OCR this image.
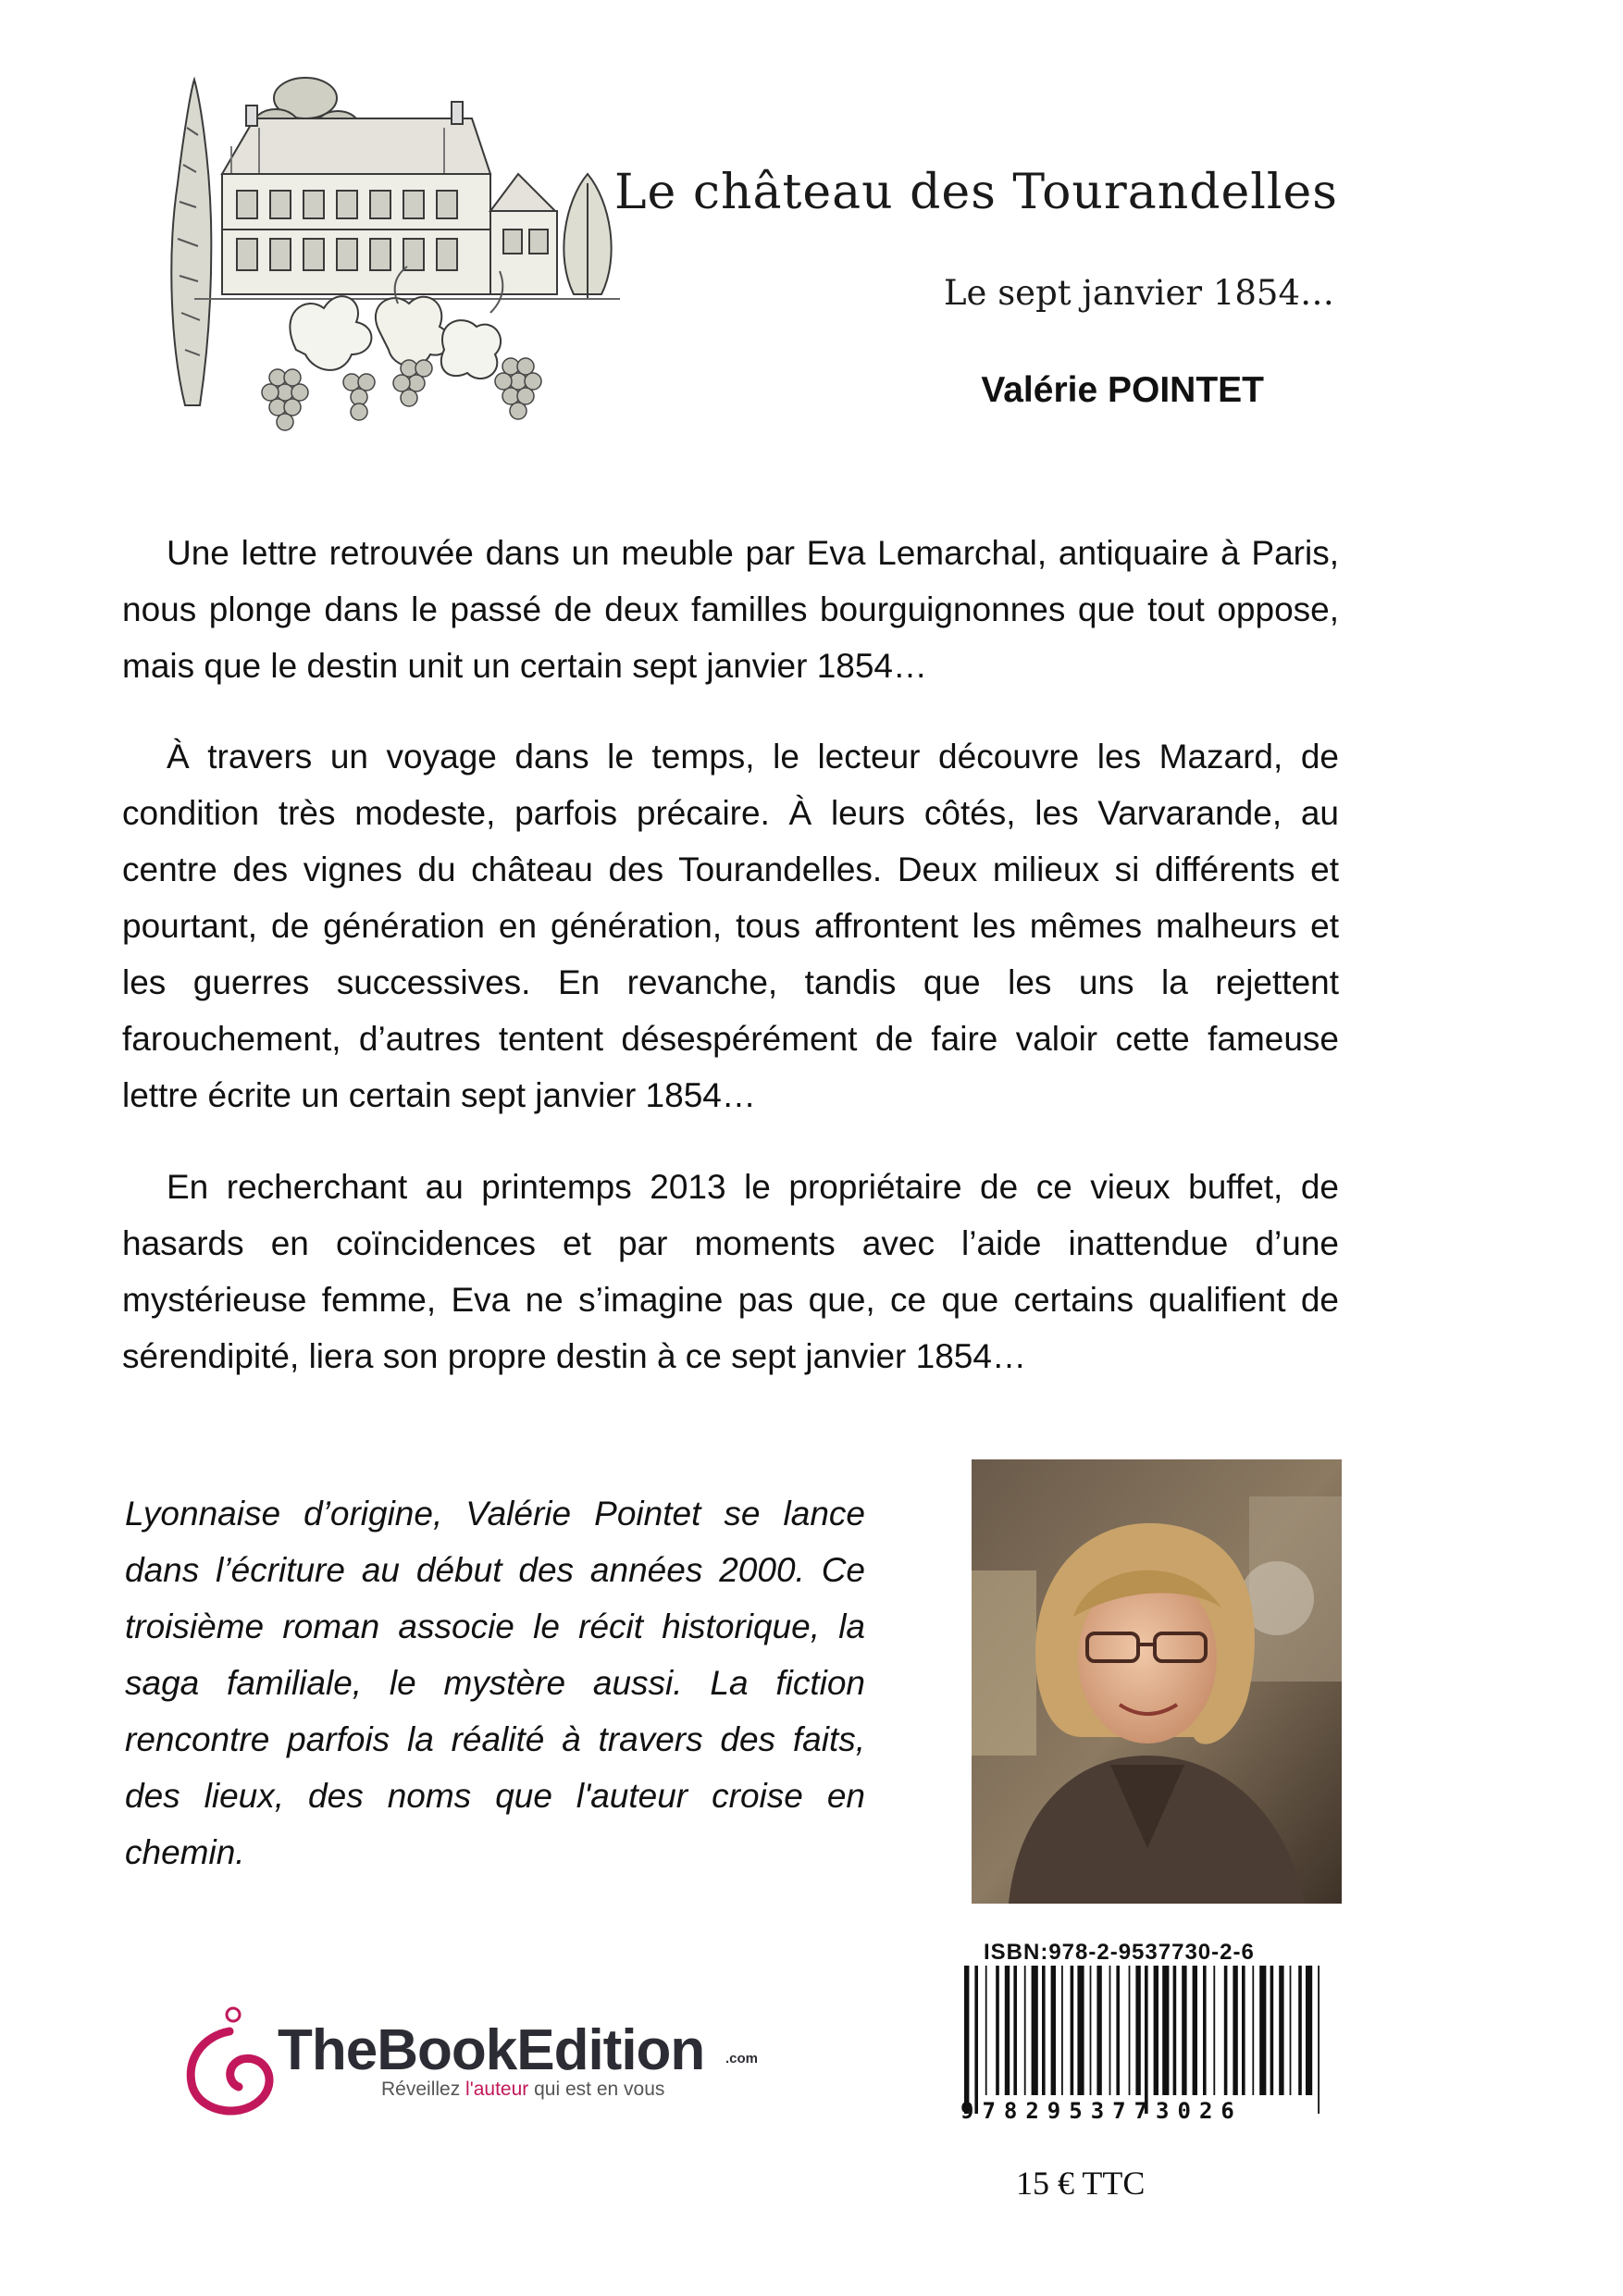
Le château des Tourandelles
Le sept janvier 1854…
Valérie POINTET

Une lettre retrouvée dans un meuble par Eva Lemarchal, antiquaire à Paris, nous plonge dans le passé de deux familles bourguignonnes que tout oppose, mais que le destin unit un certain sept janvier 1854…

À travers un voyage dans le temps, le lecteur découvre les Mazard, de condition très modeste, parfois précaire. À leurs côtés, les Varvarande, au centre des vignes du château des Tourandelles. Deux milieux si différents et pourtant, de génération en génération, tous affrontent les mêmes malheurs et les guerres successives. En revanche, tandis que les uns la rejettent farouchement, d’autres tentent désespérément de faire valoir cette fameuse lettre écrite un certain sept janvier 1854…

En recherchant au printemps 2013 le propriétaire de ce vieux buffet, de hasards en coïncidences et par moments avec l’aide inattendue d’une mystérieuse femme, Eva ne s’imagine pas que, ce que certains qualifient de sérendipité, liera son propre destin à ce sept janvier 1854…

Lyonnaise d’origine, Valérie Pointet se lance dans l’écriture au début des années 2000. Ce troisième roman associe le récit historique, la saga familiale, le mystère aussi. La fiction rencontre parfois la réalité à travers des faits, des lieux, des noms que l'auteur croise en chemin.

ISBN:978-2-9537730-2-6
9782953773026
15 € TTC
TheBookEdition .com
Réveillez l'auteur qui est en vous
